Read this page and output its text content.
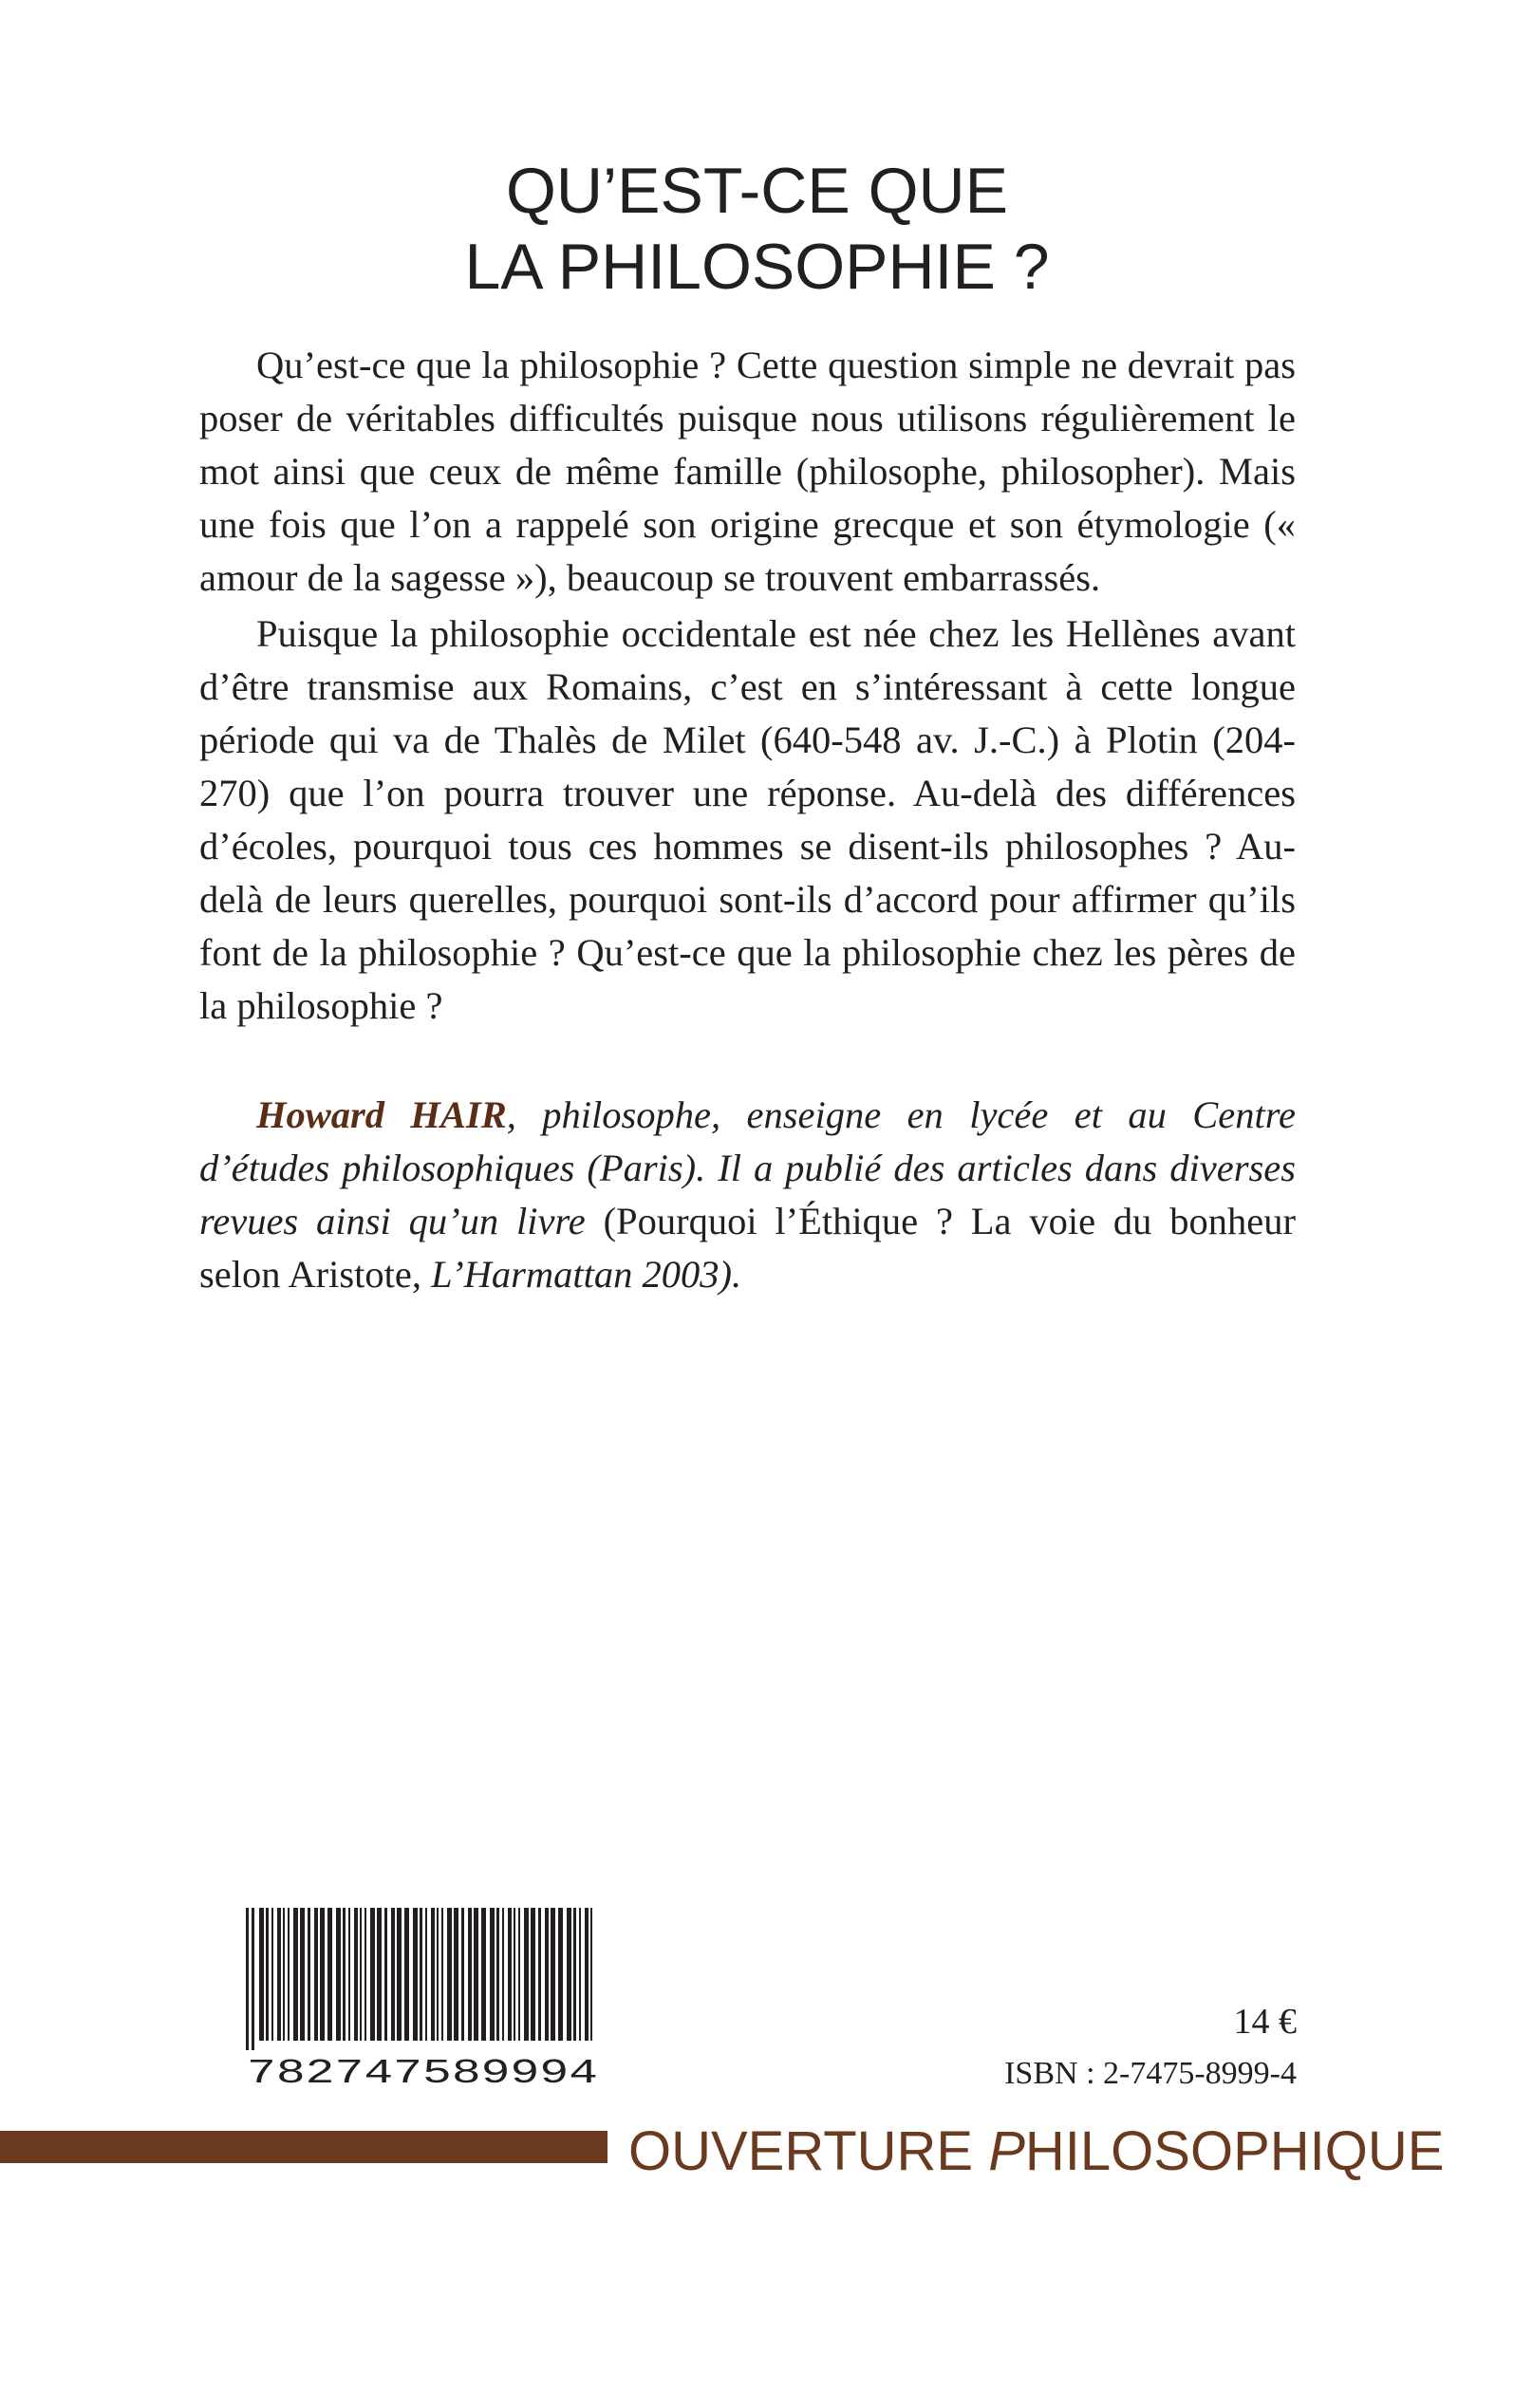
QU’EST-CE QUE
LA PHILOSOPHIE ?

Qu’est-ce que la philosophie ? Cette question simple ne devrait pas poser de véritables difficultés puisque nous utilisons régulièrement le mot ainsi que ceux de même famille (philosophe, philosopher). Mais une fois que l’on a rappelé son origine grecque et son étymologie (« amour de la sagesse »), beaucoup se trouvent embarrassés.

Puisque la philosophie occidentale est née chez les Hellènes avant d’être transmise aux Romains, c’est en s’intéressant à cette longue période qui va de Thalès de Milet (640-548 av. J.-C.) à Plotin (204-270) que l’on pourra trouver une réponse. Au-delà des différences d’écoles, pourquoi tous ces hommes se disent-ils philosophes ? Au-delà de leurs querelles, pourquoi sont-ils d’accord pour affirmer qu’ils font de la philosophie ? Qu’est-ce que la philosophie chez les pères de la philosophie ?

Howard HAIR, philosophe, enseigne en lycée et au Centre d’études philosophiques (Paris). Il a publié des articles dans diverses revues ainsi qu’un livre (Pourquoi l’Éthique ? La voie du bonheur selon Aristote, L’Harmattan 2003).

782747589994
14 €
ISBN : 2-7475-8999-4
OUVERTURE PHILOSOPHIQUE
